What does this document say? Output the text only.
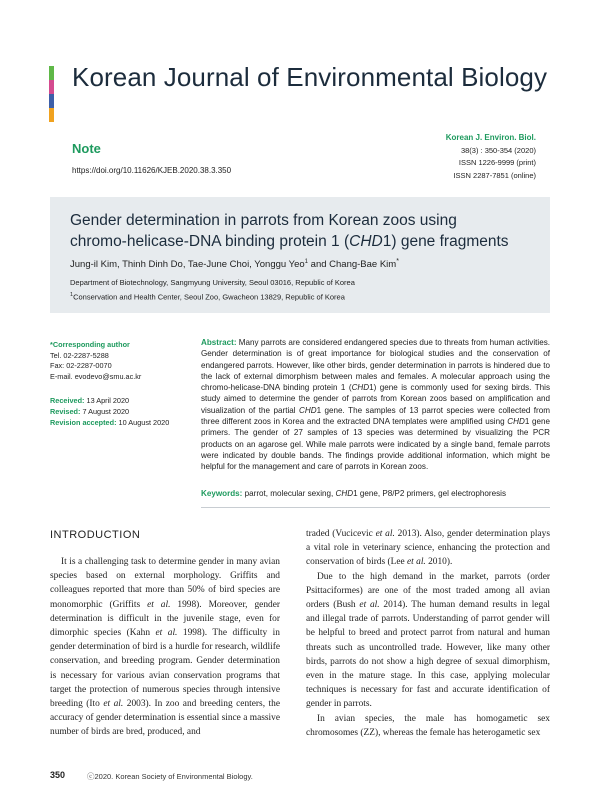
Korean Journal of Environmental Biology
Note
https://doi.org/10.11626/KJEB.2020.38.3.350
Korean J. Environ. Biol.
38(3) : 350-354 (2020)
ISSN 1226-9999 (print)
ISSN 2287-7851 (online)
Gender determination in parrots from Korean zoos using
chromo-helicase-DNA binding protein 1 (CHD1) gene fragments
Jung-il Kim, Thinh Dinh Do, Tae-June Choi, Yonggu Yeo$^1$ and Chang-Bae Kim*
Department of Biotechnology, Sangmyung University, Seoul 03016, Republic of Korea
$^1$Conservation and Health Center, Seoul Zoo, Gwacheon 13829, Republic of Korea
*Corresponding author
Tel. 02-2287-5288
Fax: 02-2287-0070
E-mail. evodevo@smu.ac.kr
Received: 13 April 2020
Revised: 7 August 2020
Revision accepted: 10 August 2020
Abstract: Many parrots are considered endangered species due to threats from human activities. Gender determination is of great importance for biological studies and the conservation of endangered parrots. However, like other birds, gender determination in parrots is hindered due to the lack of external dimorphism between males and females. A molecular approach using the chromo-helicase-DNA binding protein 1 (CHD1) gene is commonly used for sexing birds. This study aimed to determine the gender of parrots from Korean zoos based on amplification and visualization of the partial CHD1 gene. The samples of 13 parrot species were collected from three different zoos in Korea and the extracted DNA templates were amplified using CHD1 gene primers. The gender of 27 samples of 13 species was determined by visualizing the PCR products on an agarose gel. While male parrots were indicated by a single band, female parrots were indicated by double bands. The findings provide additional information, which might be helpful for the management and care of parrots in Korean zoos.
Keywords: parrot, molecular sexing, CHD1 gene, P8/P2 primers, gel electrophoresis
INTRODUCTION

It is a challenging task to determine gender in many avian species based on external morphology. Griffits and colleagues reported that more than 50% of bird species are monomorphic (Griffits et al. 1998). Moreover, gender determination is difficult in the juvenile stage, even for dimorphic species (Kahn et al. 1998). The difficulty in gender determination of bird is a hurdle for research, wildlife conservation, and breeding program. Gender determination is necessary for various avian conservation programs that target the protection of numerous species through intensive breeding (Ito et al. 2003). In zoo and breeding centers, the accuracy of gender determination is essential since a massive number of birds are bred, produced, and

traded (Vucicevic et al. 2013). Also, gender determination plays a vital role in veterinary science, enhancing the protection and conservation of birds (Lee et al. 2010).

Due to the high demand in the market, parrots (order Psittaciformes) are one of the most traded among all avian orders (Bush et al. 2014). The human demand results in legal and illegal trade of parrots. Understanding of parrot gender will be helpful to breed and protect parrot from natural and human threats such as uncontrolled trade. However, like many other birds, parrots do not show a high degree of sexual dimorphism, even in the mature stage. In this case, applying molecular techniques is necessary for fast and accurate identification of gender in parrots.

In avian species, the male has homogametic sex chromosomes (ZZ), whereas the female has heterogametic sex

350	ⓒ2020. Korean Society of Environmental Biology.
